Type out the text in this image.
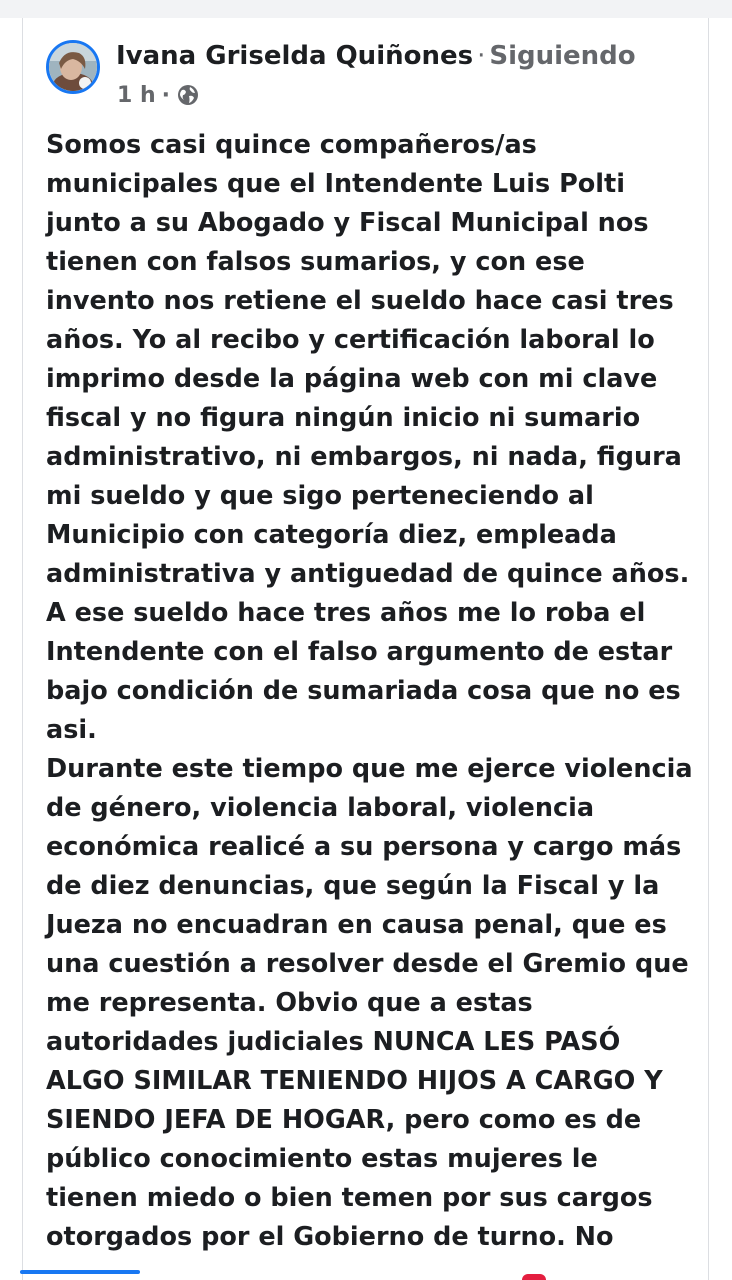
Ivana Griselda Quiñones · Siguiendo
1 h ·
Somos casi quince compañeros/as
municipales que el Intendente Luis Polti
junto a su Abogado y Fiscal Municipal nos
tienen con falsos sumarios, y con ese
invento nos retiene el sueldo hace casi tres
años. Yo al recibo y certificación laboral lo
imprimo desde la página web con mi clave
fiscal y no figura ningún inicio ni sumario
administrativo, ni embargos, ni nada, figura
mi sueldo y que sigo perteneciendo al
Municipio con categoría diez, empleada
administrativa y antiguedad de quince años.
A ese sueldo hace tres años me lo roba el
Intendente con el falso argumento de estar
bajo condición de sumariada cosa que no es
asi.
Durante este tiempo que me ejerce violencia
de género, violencia laboral, violencia
económica realicé a su persona y cargo más
de diez denuncias, que según la Fiscal y la
Jueza no encuadran en causa penal, que es
una cuestión a resolver desde el Gremio que
me representa. Obvio que a estas
autoridades judiciales NUNCA LES PASÓ
ALGO SIMILAR TENIENDO HIJOS A CARGO Y
SIENDO JEFA DE HOGAR, pero como es de
público conocimiento estas mujeres le
tienen miedo o bien temen por sus cargos
otorgados por el Gobierno de turno. No
